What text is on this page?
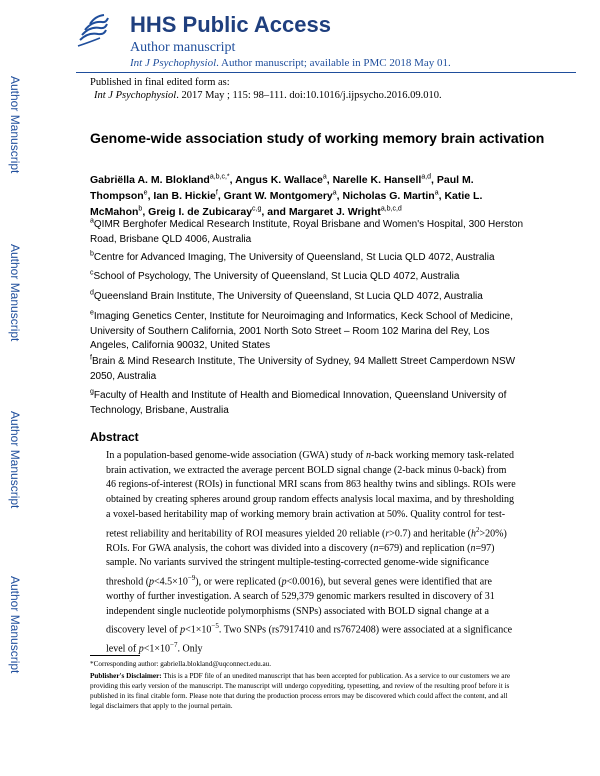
Author Manuscript
Author Manuscript
Author Manuscript
Author Manuscript
HHS Public Access
Author manuscript
Int J Psychophysiol. Author manuscript; available in PMC 2018 May 01.
Published in final edited form as:
Int J Psychophysiol. 2017 May ; 115: 98–111. doi:10.1016/j.ijpsycho.2016.09.010.
Genome-wide association study of working memory brain activation
Gabriëlla A. M. Blokland$^{a,b,c,*}$, Angus K. Wallace$^a$, Narelle K. Hansell$^{a,d}$, Paul M. Thompson$^e$, Ian B. Hickie$^f$, Grant W. Montgomery$^a$, Nicholas G. Martin$^a$, Katie L. McMahon$^b$, Greig I. de Zubicaray$^{c,g}$, and Margaret J. Wright$^{a,b,c,d}$
$^a$QIMR Berghofer Medical Research Institute, Royal Brisbane and Women's Hospital, 300 Herston Road, Brisbane QLD 4006, Australia
$^b$Centre for Advanced Imaging, The University of Queensland, St Lucia QLD 4072, Australia
$^c$School of Psychology, The University of Queensland, St Lucia QLD 4072, Australia
$^d$Queensland Brain Institute, The University of Queensland, St Lucia QLD 4072, Australia
$^e$Imaging Genetics Center, Institute for Neuroimaging and Informatics, Keck School of Medicine, University of Southern California, 2001 North Soto Street – Room 102 Marina del Rey, Los Angeles, California 90032, United States
$^f$Brain & Mind Research Institute, The University of Sydney, 94 Mallett Street Camperdown NSW 2050, Australia
$^g$Faculty of Health and Institute of Health and Biomedical Innovation, Queensland University of Technology, Brisbane, Australia
Abstract
In a population-based genome-wide association (GWA) study of n-back working memory task-related brain activation, we extracted the average percent BOLD signal change (2-back minus 0-back) from 46 regions-of-interest (ROIs) in functional MRI scans from 863 healthy twins and siblings. ROIs were obtained by creating spheres around group random effects analysis local maxima, and by thresholding a voxel-based heritability map of working memory brain activation at 50%. Quality control for test-retest reliability and heritability of ROI measures yielded 20 reliable (r>0.7) and heritable $(h^2>20\%)$ ROIs. For GWA analysis, the cohort was divided into a discovery (n=679) and replication (n=97) sample. No variants survived the stringent multiple-testing-corrected genome-wide significance threshold $(p<4.5\times 10^{-9})$, or were replicated (p<0.0016), but several genes were identified that are worthy of further investigation. A search of 529,379 genomic markers resulted in discovery of 31 independent single nucleotide polymorphisms (SNPs) associated with BOLD signal change at a discovery level of $p<1\times 10^{-5}$. Two SNPs (rs7917410 and rs7672408) were associated at a significance level of $p<1\times 10^{-7}$. Only
*Corresponding author: gabriella.blokland@uqconnect.edu.au.
Publisher's Disclaimer: This is a PDF file of an unedited manuscript that has been accepted for publication. As a service to our customers we are providing this early version of the manuscript. The manuscript will undergo copyediting, typesetting, and review of the resulting proof before it is published in its final citable form. Please note that during the production process errors may be discovered which could affect the content, and all legal disclaimers that apply to the journal pertain.
